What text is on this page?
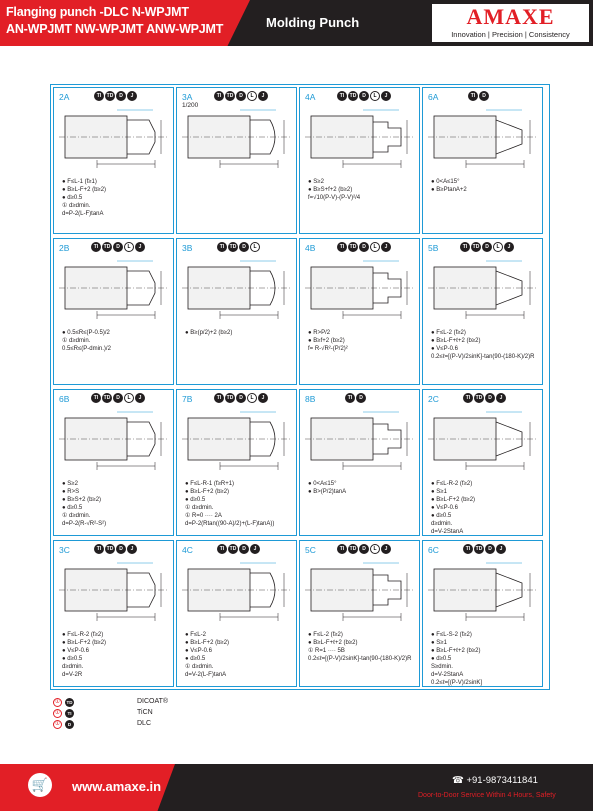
Flanging punch -DLC N-WPJMT
AN-WPJMT NW-WPJMT ANW-WPJMT	Molding Punch	AMAXE
Innovation | Precision | Consistency
2A	TI	TD	D	J
● F≤L-1 (f≥1)
● B≥L-F+2 (b≥2)
● d≥0.5
① d≥dmin.
d=P-2(L-F)tanA
3A	TI	TD	D	L	J
1/200
4A	TI	TD	D	L	J
● S≥2
● B≥S+f+2 (b≥2)
f=√10(P-V)-(P-V)²/4
6A	TI	D
● 0<A≤15°
● B≥PtanA+2
2B	TI	TD	D	L	J
● 0.5≤R≤(P-0.5)/2
① d≥dmin.
0.5≤R≤(P-dmin.)/2
3B	TI	TD	D	L
● B≥(p/2)+2 (b≥2)
4B	TI	TD	D	L	J
● R>P/2
● B≥f+2 (b≥2)
f= R-√R²-(P/2)²
5B	TI	TD	D	L	J
● F≤L-2 (f≥2)
● B≥L-F+ℓ+2 (b≥2)
● V≤P-0.6
0.2≤ℓ=[(P-V)/2sinK]-tan(90-(180-K)/2)R
6B	TI	TD	D	L	J
● S≥2
● R>S
● B≥S+2 (b≥2)
● d≥0.5
① d≥dmin.
d=P-2(R-√R²-S²)
7B	TI	TD	D	L	J
● F≤L-R-1 (f≥R+1)
● B≥L-F+2 (b≥2)
● d≥0.5
① d≥dmin.
① R=0 ···· 2A
d=P-2(Rtan((90-A)/2)+(L-F)tanA))
8B	TI	D
● 0<A≤15°
● B>(P/2)tanA
2C	TI	TD	D	J
● F≤L-R-2 (f≥2)
● S≥1
● B≥L-F+2 (b≥2)
● V≤P-0.6
● d≥0.5
d≥dmin.
d=V-2StanA
3C	TI	TD	D	J
● F≤L-R-2 (f≥2)
● B≥L-F+2 (b≥2)
● V≤P-0.6
● d≥0.5
d≥dmin.
d=V-2R
4C	TI	TD	D	J
● F≤L-2
● B≥L-F+2 (b≥2)
● V≤P-0.6
● d≥0.5
① d≥dmin.
d=V-2(L-F)tanA
5C	TI	TD	D	L	J
● F≤L-2 (f≥2)
● B≥L-F+ℓ+2 (b≥2)
① R=1 ···· 5B
0.2≤ℓ=[(P-V)/2sinK]-tan(90-(180-K)/2)R
6C	TI	TD	D	J
● F≤L-S-2 (f≥2)
● S≥1
● B≥L-F+ℓ+2 (b≥2)
● d≥0.5
S≥dmin.
d=V-2StanA
0.2≤ℓ=[(P-V)/2sinK]
①	TD	DICOAT®
①	TI	TiCN
①	D	DLC
🛒	www.amaxe.in	☎ +91-9873411841
Door-to-Door Service Within 4 Hours, Safety
